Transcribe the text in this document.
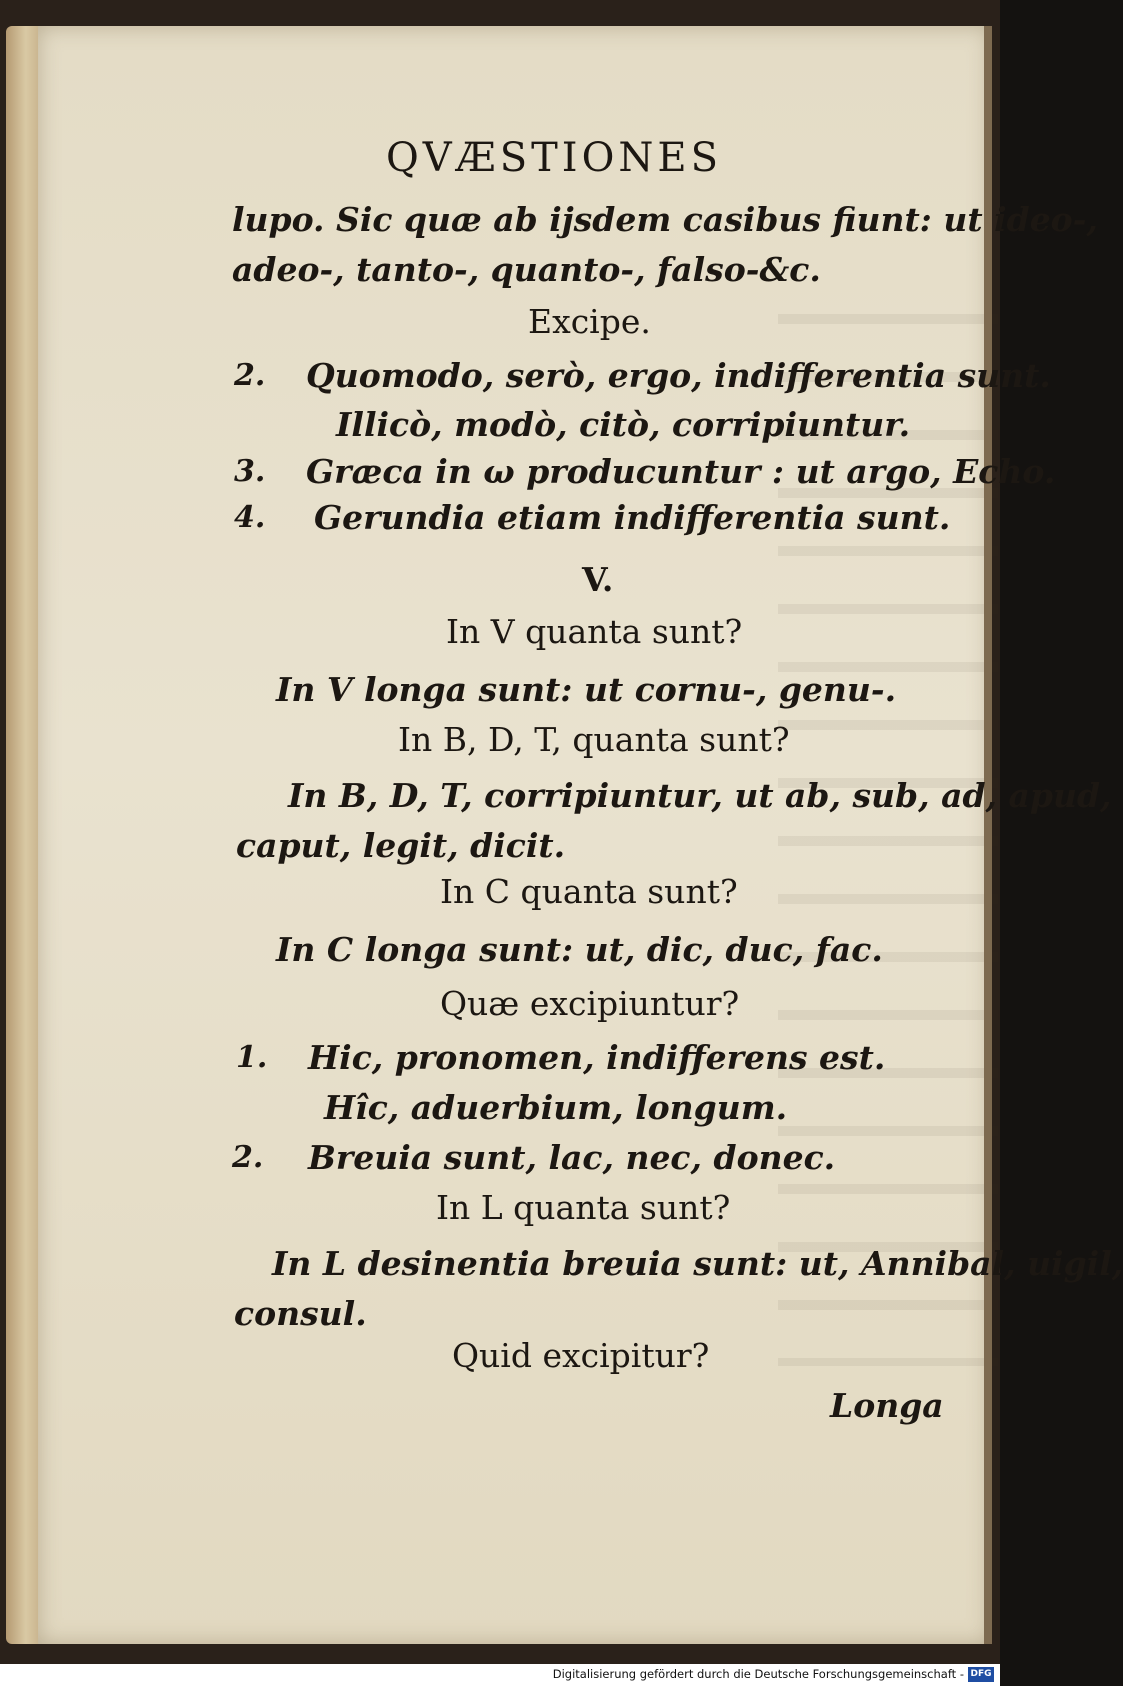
QVÆSTIONES
lupo. Sic quæ ab ijsdem casibus fiunt: ut ideo-,
adeo-, tanto-, quanto-, falso-&c.
Excipe.
2. Quomodo, serò, ergo, indifferentia sunt.
Illicò, modò, citò, corripiuntur.
3. Græca in ω producuntur : ut argo, Echo.
4. Gerundia etiam indifferentia sunt.
V.
In V quanta sunt?
In V longa sunt: ut cornu-, genu-.
In B, D, T, quanta sunt?
In B, D, T, corripiuntur, ut ab, sub, ad, apud,
caput, legit, dicit.
In C quanta sunt?
In C longa sunt: ut, dic, duc, fac.
Quæ excipiuntur?
1. Hic, pronomen, indifferens est.
Hîc, aduerbium, longum.
2. Breuia sunt, lac, nec, donec.
In L quanta sunt?
In L desinentia breuia sunt: ut, Annibal, uigil,
consul.
Quid excipitur?
Longa
Digitalisierung gefördert durch die Deutsche Forschungsgemeinschaft - DFG
